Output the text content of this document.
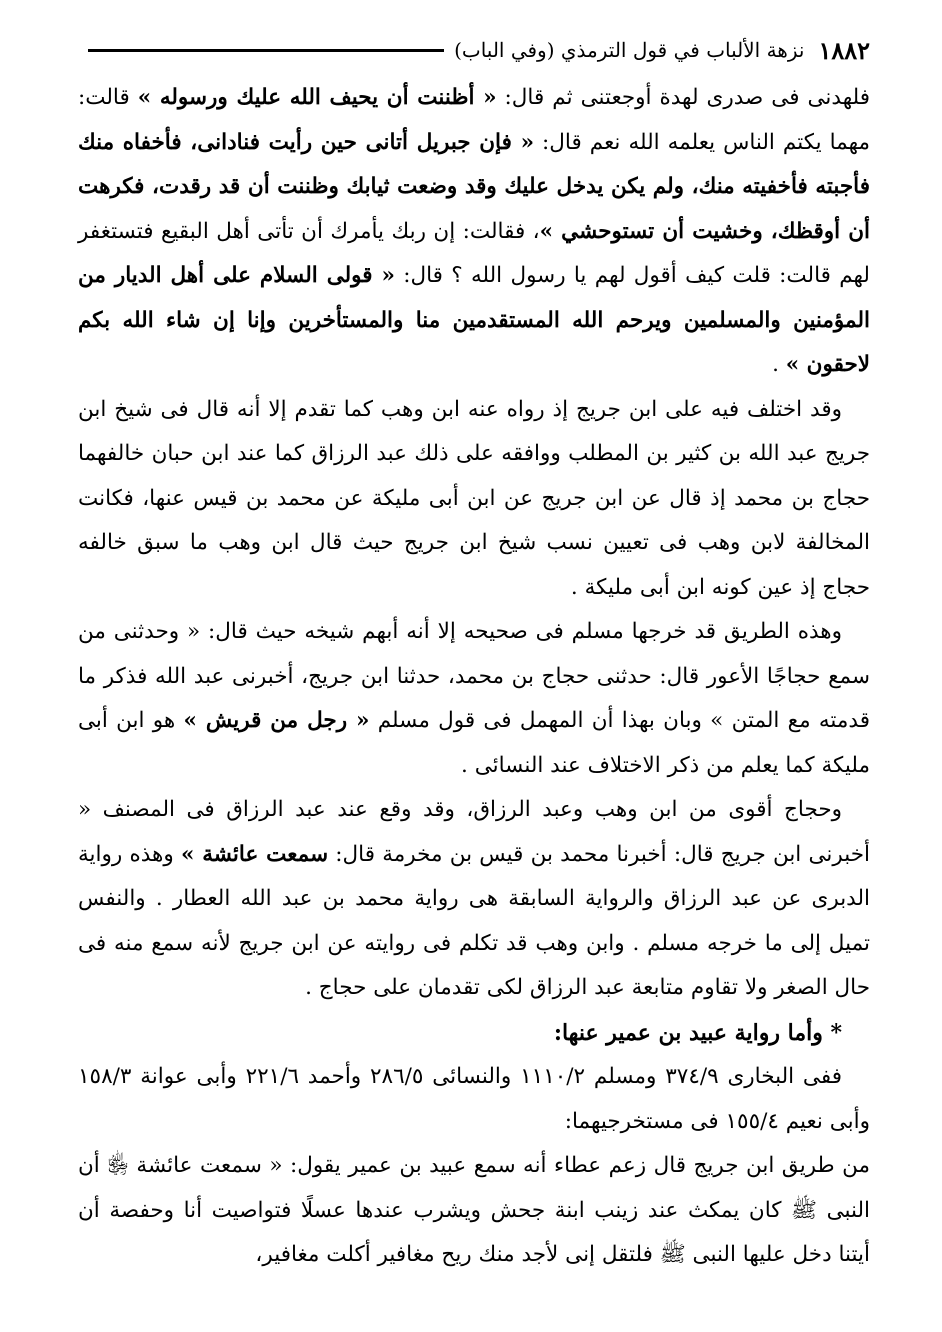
١٨٨٢
نزهة الألباب في قول الترمذي (وفي الباب)

فلهدنى فى صدرى لهدة أوجعتنى ثم قال: « أظننت أن يحيف الله عليك ورسوله » قالت: مهما يكتم الناس يعلمه الله نعم قال: « فإن جبريل أتانى حين رأيت فنادانى، فأخفاه منك فأجبته فأخفيته منك، ولم يكن يدخل عليك وقد وضعت ثيابك وظننت أن قد رقدت، فكرهت أن أوقظك، وخشيت أن تستوحشي »، فقالت: إن ربك يأمرك أن تأتى أهل البقيع فتستغفر لهم قالت: قلت كيف أقول لهم يا رسول الله ؟ قال: « قولى السلام على أهل الديار من المؤمنين والمسلمين ويرحم الله المستقدمين منا والمستأخرين وإنا إن شاء الله بكم لاحقون » .

وقد اختلف فيه على ابن جريج إذ رواه عنه ابن وهب كما تقدم إلا أنه قال فى شيخ ابن جريج عبد الله بن كثير بن المطلب ووافقه على ذلك عبد الرزاق كما عند ابن حبان خالفهما حجاج بن محمد إذ قال عن ابن جريج عن ابن أبى مليكة عن محمد بن قيس عنها، فكانت المخالفة لابن وهب فى تعيين نسب شيخ ابن جريج حيث قال ابن وهب ما سبق خالفه حجاج إذ عين كونه ابن أبى مليكة .

وهذه الطريق قد خرجها مسلم فى صحيحه إلا أنه أبهم شيخه حيث قال: « وحدثنى من سمع حجاجًا الأعور قال: حدثنى حجاج بن محمد، حدثنا ابن جريج، أخبرنى عبد الله فذكر ما قدمته مع المتن » وبان بهذا أن المهمل فى قول مسلم « رجل من قريش » هو ابن أبى مليكة كما يعلم من ذكر الاختلاف عند النسائى .

وحجاج أقوى من ابن وهب وعبد الرزاق، وقد وقع عند عبد الرزاق فى المصنف « أخبرنى ابن جريج قال: أخبرنا محمد بن قيس بن مخرمة قال: سمعت عائشة » وهذه رواية الدبرى عن عبد الرزاق والرواية السابقة هى رواية محمد بن عبد الله العطار . والنفس تميل إلى ما خرجه مسلم . وابن وهب قد تكلم فى روايته عن ابن جريج لأنه سمع منه فى حال الصغر ولا تقاوم متابعة عبد الرزاق لكى تقدمان على حجاج .

* وأما رواية عبيد بن عمير عنها:

ففى البخارى ٣٧٤/٩ ومسلم ١١١٠/٢ والنسائى ٢٨٦/٥ وأحمد ٢٢١/٦ وأبى عوانة ١٥٨/٣ وأبى نعيم ١٥٥/٤ فى مستخرجيهما:

من طريق ابن جريج قال زعم عطاء أنه سمع عبيد بن عمير يقول: « سمعت عائشة ﵂ أن النبى ﷺ كان يمكث عند زينب ابنة جحش ويشرب عندها عسلًا فتواصيت أنا وحفصة أن أيتنا دخل عليها النبى ﷺ فلتقل إنى لأجد منك ريح مغافير أكلت مغافير،
